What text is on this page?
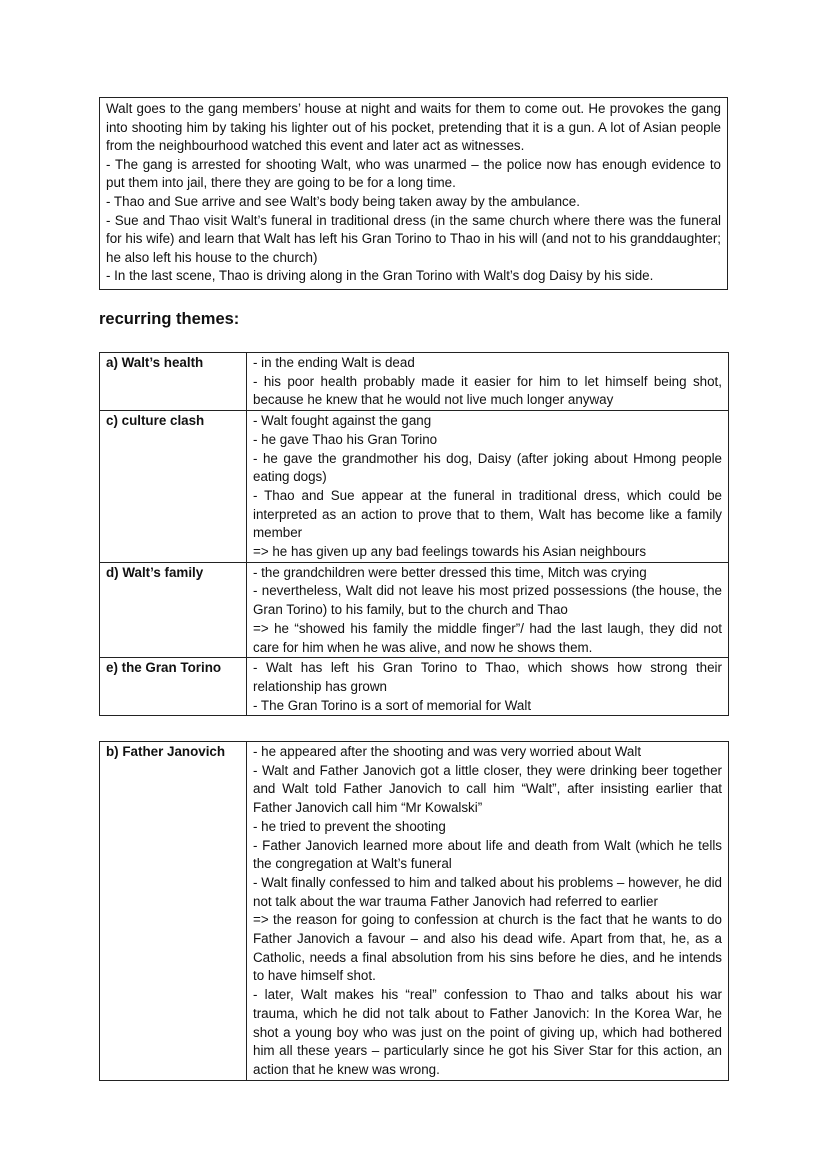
Walt goes to the gang members’ house at night and waits for them to come out. He provokes the gang into shooting him by taking his lighter out of his pocket, pretending that it is a gun. A lot of Asian people from the neighbourhood watched this event and later act as witnesses.

- The gang is arrested for shooting Walt, who was unarmed – the police now has enough evidence to put them into jail, there they are going to be for a long time.

- Thao and Sue arrive and see Walt’s body being taken away by the ambulance.

- Sue and Thao visit Walt’s funeral in traditional dress (in the same church where there was the funeral for his wife) and learn that Walt has left his Gran Torino to Thao in his will (and not to his granddaughter; he also left his house to the church)

- In the last scene, Thao is driving along in the Gran Torino with Walt’s dog Daisy by his side.

recurring themes:
a) Walt’s health	- in the ending Walt is dead

- his poor health probably made it easier for him to let himself being shot, because he knew that he would not live much longer anyway

c) culture clash	- Walt fought against the gang

- he gave Thao his Gran Torino

- he gave the grandmother his dog, Daisy (after joking about Hmong people eating dogs)

- Thao and Sue appear at the funeral in traditional dress, which could be interpreted as an action to prove that to them, Walt has become like a family member

=> he has given up any bad feelings towards his Asian neighbours

d) Walt’s family	- the grandchildren were better dressed this time, Mitch was crying

- nevertheless, Walt did not leave his most prized possessions (the house, the Gran Torino) to his family, but to the church and Thao

=> he “showed his family the middle finger”/ had the last laugh, they did not care for him when he was alive, and now he shows them.

e) the Gran Torino	- Walt has left his Gran Torino to Thao, which shows how strong their relationship has grown

- The Gran Torino is a sort of memorial for Walt

b) Father Janovich	- he appeared after the shooting and was very worried about Walt

- Walt and Father Janovich got a little closer, they were drinking beer together and Walt told Father Janovich to call him “Walt”, after insisting earlier that Father Janovich call him “Mr Kowalski”

- he tried to prevent the shooting

- Father Janovich learned more about life and death from Walt (which he tells the congregation at Walt’s funeral

- Walt finally confessed to him and talked about his problems – however, he did not talk about the war trauma Father Janovich had referred to earlier

=> the reason for going to confession at church is the fact that he wants to do Father Janovich a favour – and also his dead wife. Apart from that, he, as a Catholic, needs a final absolution from his sins before he dies, and he intends to have himself shot.

- later, Walt makes his “real” confession to Thao and talks about his war trauma, which he did not talk about to Father Janovich: In the Korea War, he shot a young boy who was just on the point of giving up, which had bothered him all these years – particularly since he got his Siver Star for this action, an action that he knew was wrong.
